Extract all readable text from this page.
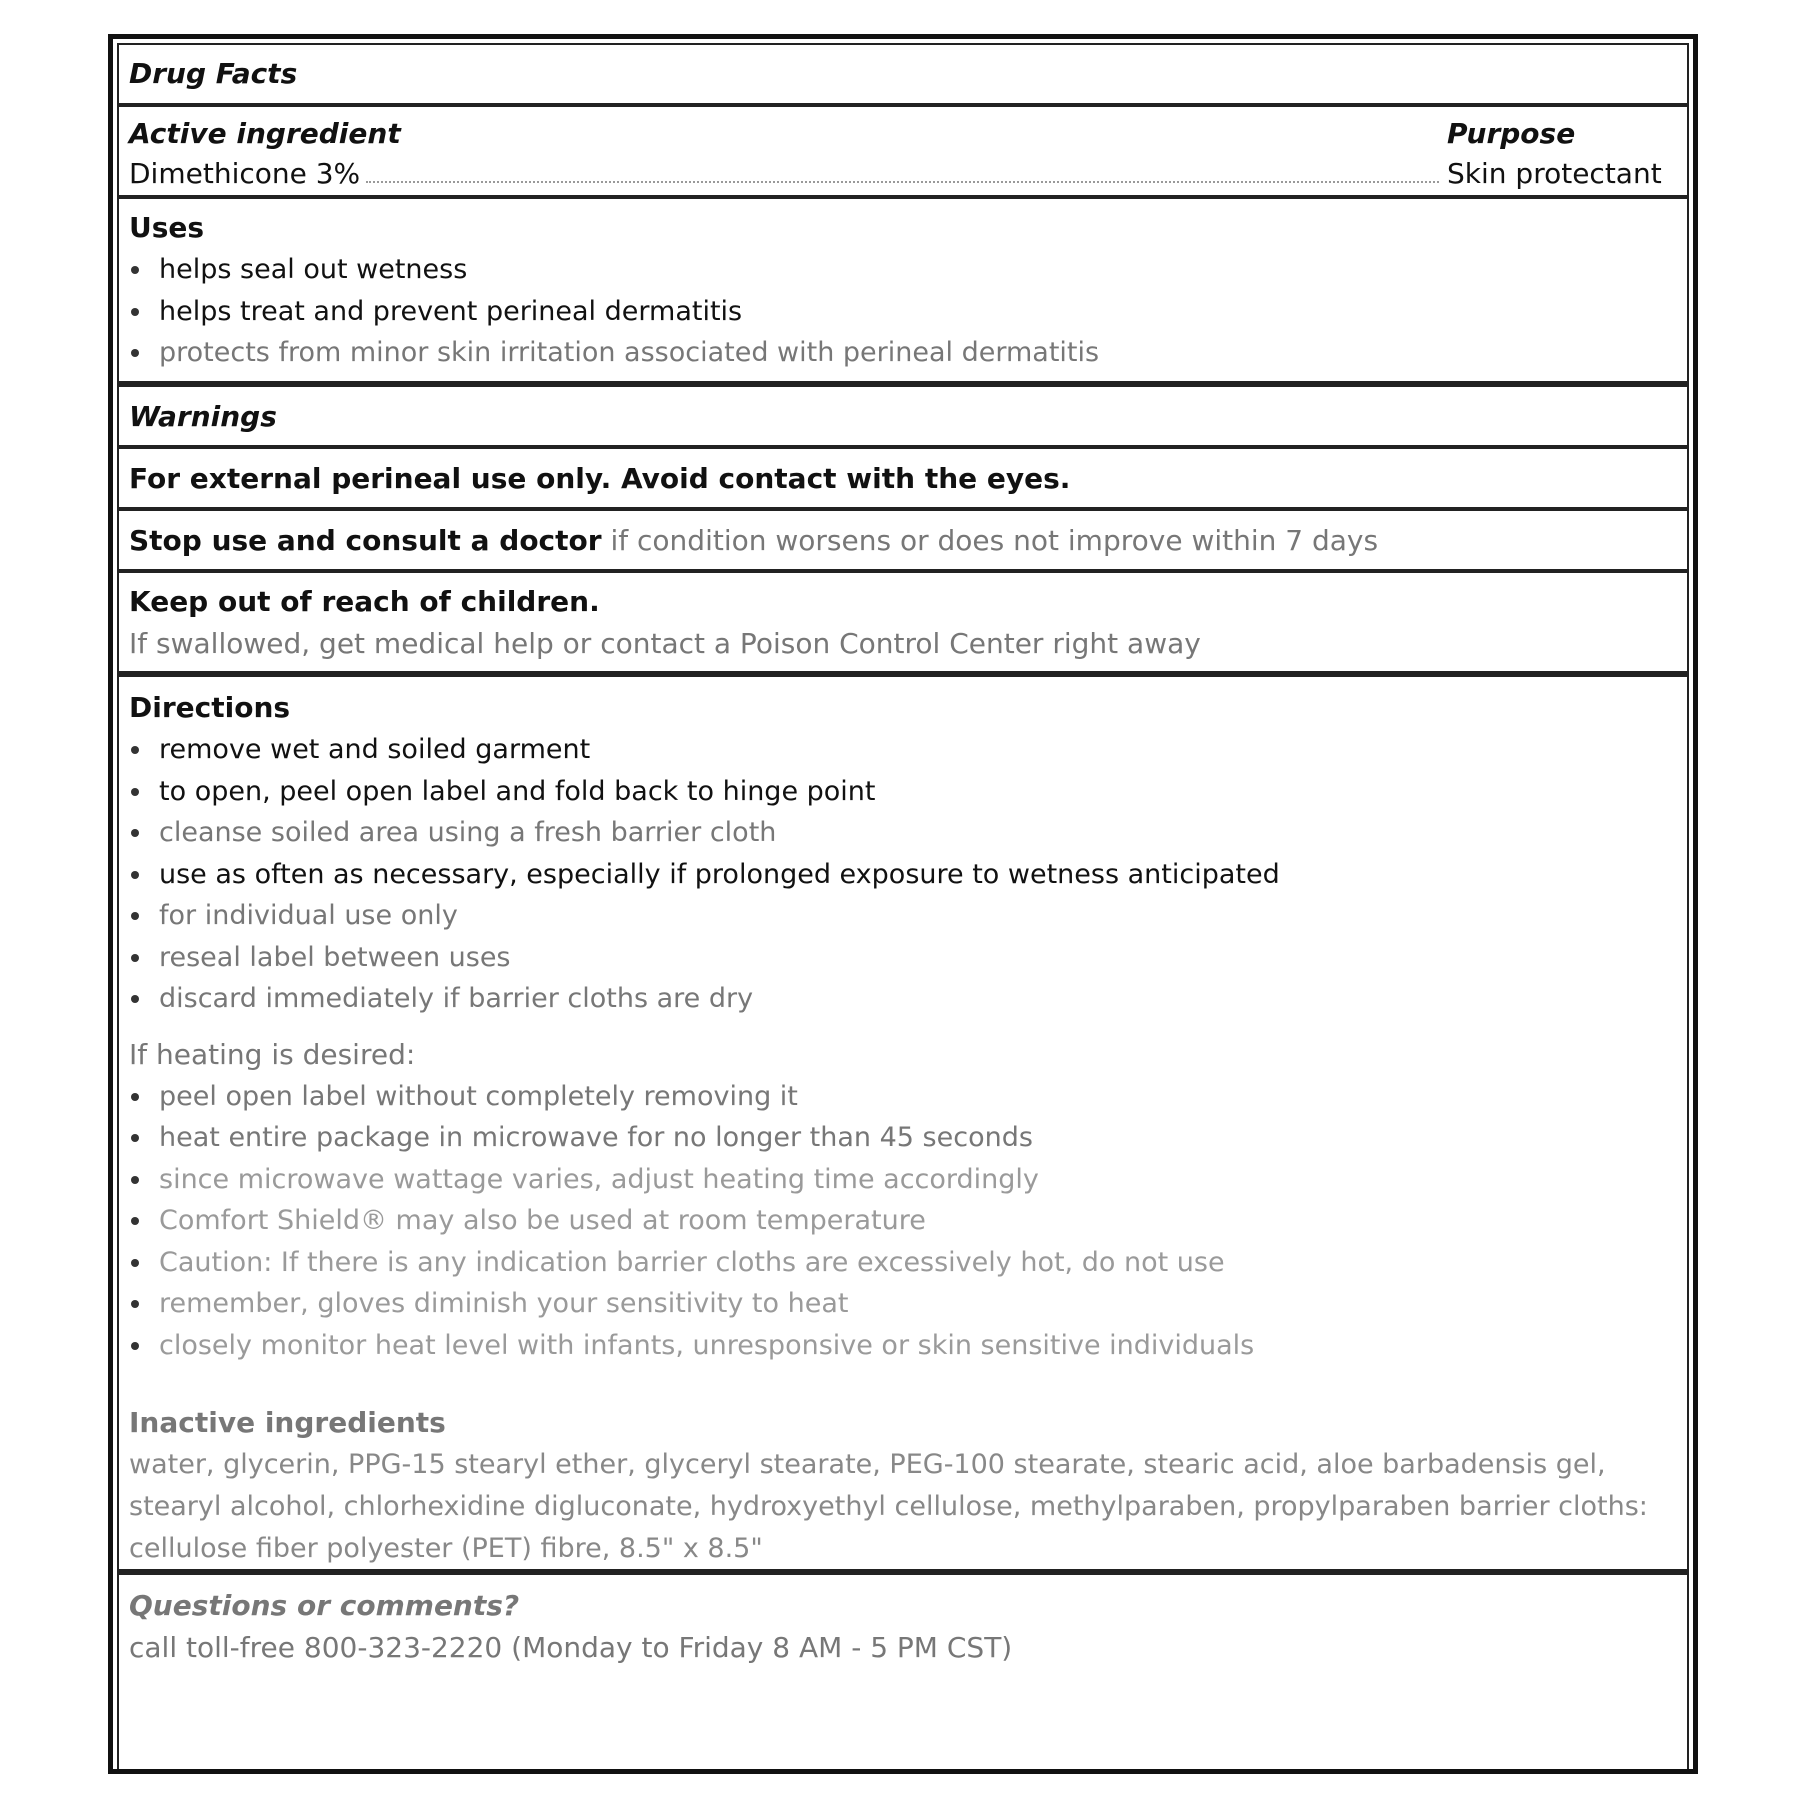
Drug Facts
Active ingredient	Purpose
Dimethicone 3%	Skin protectant
Uses
helps seal out wetness
helps treat and prevent perineal dermatitis
protects from minor skin irritation associated with perineal dermatitis
Warnings
For external perineal use only. Avoid contact with the eyes.
Stop use and consult a doctor if condition worsens or does not improve within 7 days
Keep out of reach of children.
If swallowed, get medical help or contact a Poison Control Center right away
Directions
remove wet and soiled garment
to open, peel open label and fold back to hinge point
cleanse soiled area using a fresh barrier cloth
use as often as necessary, especially if prolonged exposure to wetness anticipated
for individual use only
reseal label between uses
discard immediately if barrier cloths are dry
If heating is desired:
peel open label without completely removing it
heat entire package in microwave for no longer than 45 seconds
since microwave wattage varies, adjust heating time accordingly
Comfort Shield® may also be used at room temperature
Caution: If there is any indication barrier cloths are excessively hot, do not use
remember, gloves diminish your sensitivity to heat
closely monitor heat level with infants, unresponsive or skin sensitive individuals
Inactive ingredients
water, glycerin, PPG-15 stearyl ether, glyceryl stearate, PEG-100 stearate, stearic acid, aloe barbadensis gel, stearyl alcohol, chlorhexidine digluconate, hydroxyethyl cellulose, methylparaben, propylparaben barrier cloths: cellulose fiber polyester (PET) fibre, 8.5" x 8.5"
Questions or comments?
call toll-free 800-323-2220 (Monday to Friday 8 AM - 5 PM CST)
